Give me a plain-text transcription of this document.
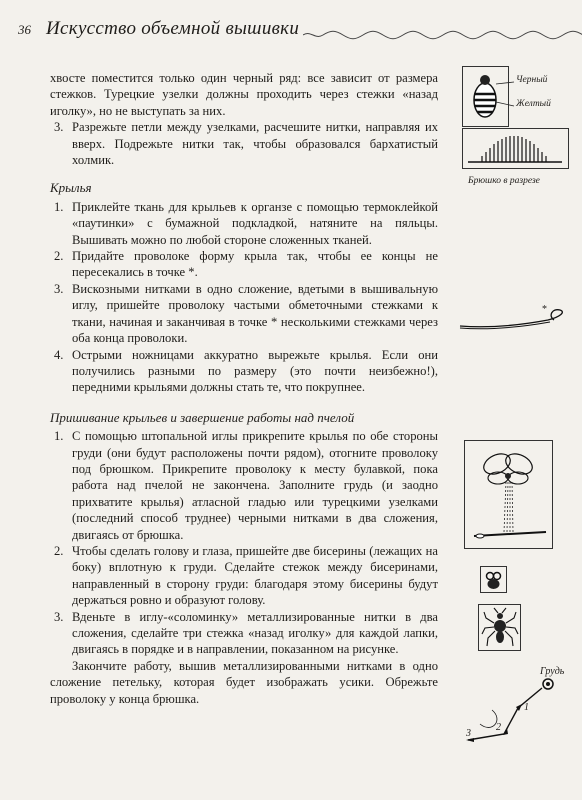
36 Искусство объемной вышивки

хвосте поместится только один черный ряд: все зависит от размера стежков. Турецкие узелки должны проходить через стежки «назад иголку», но не выступать за них.

3. Разрежьте петли между узелками, расчешите нитки, направляя их вверх. Подрежьте нитки так, чтобы образовался бархатистый холмик.
Крылья
1. Приклейте ткань для крыльев к органзе с помощью термоклейкой «паутинки» с бумажной подкладкой, натяните на пяльцы. Вышивать можно по любой стороне сложенных тканей.
2. Придайте проволоке форму крыла так, чтобы ее концы не пересекались в точке *.
3. Вискозными нитками в одно сложение, вдетыми в вышивальную иглу, пришейте проволоку частыми обметочными стежками к ткани, начиная и заканчивая в точке * несколькими стежками через оба конца проволоки.
4. Острыми ножницами аккуратно вырежьте крылья. Если они получились разными по размеру (это почти неизбежно!), передними крыльями должны стать те, что покрупнее.
Пришивание крыльев и завершение работы над пчелой
1. С помощью штопальной иглы прикрепите крылья по обе стороны груди (они будут расположены почти рядом), отогните проволоку под брюшком. Прикрепите проволоку к месту булавкой, пока работа над пчелой не закончена. Заполните грудь (и заодно прихватите крылья) атласной гладью или турецкими узелками (последний способ труднее) черными нитками в два сложения, двигаясь от брюшка.
2. Чтобы сделать голову и глаза, пришейте две бисерины (лежащих на боку) вплотную к груди. Сделайте стежок между бисеринами, направленный в сторону груди: благодаря этому бисерины будут держаться ровно и образуют голову.
3. Вденьте в иглу-«соломинку» металлизированные нитки в два сложения, сделайте три стежка «назад иголку» для каждой лапки, двигаясь в порядке и в направлении, показанном на рисунке.

Закончите работу, вышив металлизированными нитками в одно сложение петельку, которая будет изображать усики. Обрежьте проволоку у конца брюшка.

Черный
Желтый
Брюшко в разрезе
*
Грудь
1
2
3
